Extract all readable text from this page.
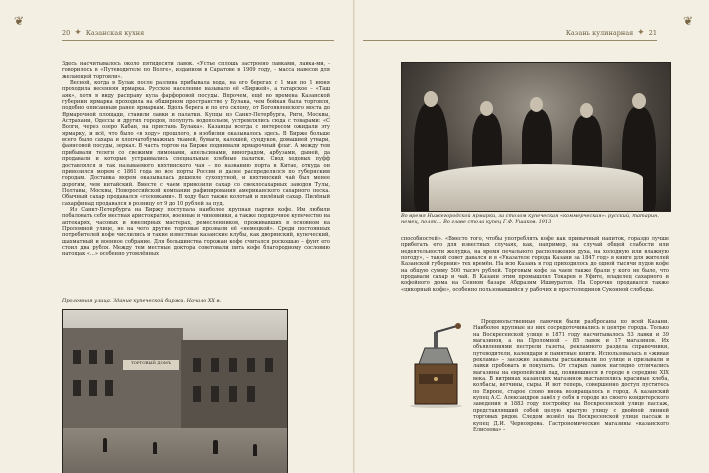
❦
20 ✦ Казанская кухня

Здесь насчитывалось около пятидесяти лавок. «Устье сплошь застроено лавками, лавка-ми, - говорилось в «Путеводителе по Волге», изданном в Саратове в 1909 году, - масса навесов для желающей торговли».

Весной, когда в Булак после разлива прибывала вода, на его берегах с 1 мая по 1 июня проходила весенняя ярмарка. Русское население называло её «Биржей», а татарское – «Таш аяк», хотя в виду расправу кула фарфоровой посуды. Впрочем, ещё во времена Казанской губернии ярмарка проходила на обширном пространстве у Булака, чем бойкая была торговля, подобно описанным ранее ярмаркам. Вдоль берега и по его склону, от Богоявленского моста до Ярмарочной площади, ставили лавки и палатки. Купцы из Санкт-Петербурга, Риги, Москвы, Астрахани, Одессы и других городов, полупуть водопольем, устремлялись сюда с товарами: «С Волги, через озеро Кабан, на пристань Булака». Казанцы всегда с интересом ожидали эту ярмарку, и всё, что было «в ходу» прошлого, в изобилии оказывалось здесь. В Бирже больше всего было сахара и хлопчатобумажных тканей, бумаги, калошей, сундуков, домашней утвари, фаянсовой посуды, зеркал. В часть торгов на Бирже поднимали ярмарочный флаг. А между тем прибывали телеги со свежими лимонами, апельсинами, виноградом, арбузами, дыней, да продавали и которые устраивались специальные хлебные палатки. Свод ходовых пуфф доставлялся и так называемого кяхтинского чая – по названию порта в Китае, откуда он привозился морем с 1861 года во все порты России и далее распределялся по губернским городам. Доставка морем оказывалась дешевле сухопутной, и кяхтинский чай был менее дорогим, чем китайский. Вместе с чаем привозили сахар со свеклосахарных заводов Тулы, Полтавы, Москвы, Новороссийской компании рафинирования американского сахарного песка. Обычный сахар продавался «головками». В ходу был также колотый и пилёный сахар. Пилёный сахарфинад продавался в розницу от 9 до 10 рублей за пуд.

Из Санкт-Петербурга на Биржу поступала наиболее крупная партия кофе. Им любили побаловать себя местная аристократия, военные и чиновники, а также порядочное купечество на аптекарях, часовых и ювелирных мастерах, ремесленников, проживавших в основном на Проломной улице, не на чего другие торговые прозвали её «немецкой». Среди постоянных потребителей кофе числились и такие известные казанские клубы, как дворянский, купеческий, шахматный и военное собрание. Для большинства горожан кофе считался роскошью – фунт его стоил два рубля. Между тем местные доктора советовали пить кофе благородному сословию натощак «...» особенно утомлённых

Проломная улица. Здание купеческой биржи. Начало XX в.
ТОРГОВЫЙ ДОМЪ
❦
Казань кулинарная ✦ 21
Во время Нижегородской ярмарки, за столом купеческая «коммерческая»: русский, татарин, немец, поляк... Во главе стола купец Г.Ф. Ушаков. 1913

способностей». «Вместо того, чтобы употреблять кофе как привычный напиток, гораздо лучше прибегать его для известных случаях, как, например, на случай общей слабости или недеятельности желудка, на время печального расположения духа, на холодную или влажную погоду», – такой совет давался и в «Указателе города Казани за 1847 год» в книге для жителей Казанской губернии» тех времён. На всю Казань в год приходилось до одной тысячи пудов кофе на общую сумму 500 тысяч рублей. Торговым кофе за чаем также брали у кого не было, что продавали сахар и чай. В Казани этим промышлял Токарев в Уфите, владелец сахарного и кофейного дома на Сенном базаре Абдразим Ишмуратов. На Сорочке продавался также «цикорный кофе», особенно пользовавшийся у рабочих и простолюдинов Суконной слободы.

Продовольственные лавочки были разбросаны по всей Казани. Наиболее крупные из них сосредоточивались в центре города. Только на Воскресенской улице в 1871 году насчитывалось 53 лавки и 39 магазинов, а на Проломной – 85 лавок и 17 магазинов. Их объявлениями пестрели газеты, рекламного раздела справочники, путеводители, календари и памятные книги. Использовалась в «живая реклама» – заезжие зазывалы расхаживали по улице и призывали в лавки пробовать и покупать. От старых лавок наглядно отличались магазины на европейский лад, появившиеся в городе в середине XIX века. В витринах казанских магазинов выставлялись красивые хлеба, колбасы, ветчины, сыры. И вот теперь, совершенно доступ пуститесь по Европе, старое слово вновь возвращалось в город. А казанский купец А.С. Александров завёл у себя в городе из своего кондитерского заведения в 1883 году постройку на Воскресенской улице пассаж, представлявший собой целую крытую улицу с двойной линией торговых рядов. Следом возвёл на Воскресенской улице пассаж и купец Д.И. Черноярова. Гастрономические магазины «казанского Елисеева» –
